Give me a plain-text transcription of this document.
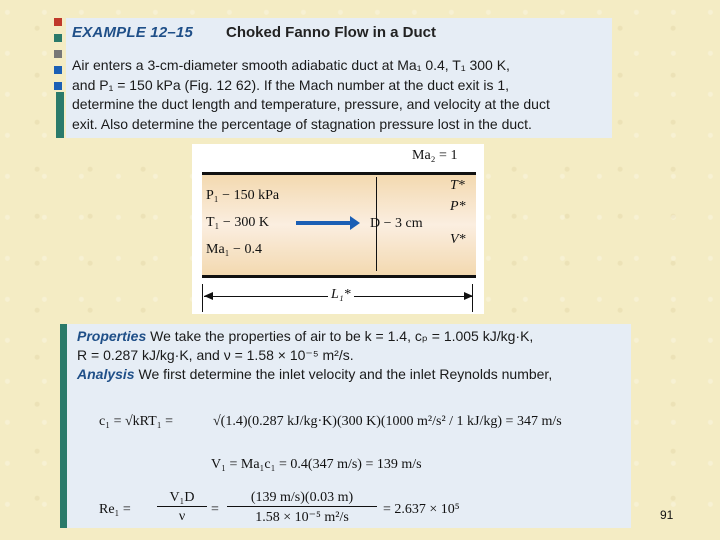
EXAMPLE 12–15 Choked Fanno Flow in a Duct

Air enters a 3-cm-diameter smooth adiabatic duct at Ma₁ 0.4, T₁ 300 K,

and P₁ = 150 kPa (Fig. 12 62). If the Mach number at the duct exit is 1,

determine the duct length and temperature, pressure, and velocity at the duct

exit. Also determine the percentage of stagnation pressure lost in the duct.

Ma₂ = 1
P₁ − 150 kPa
T₁ − 300 K
Ma₁ − 0.4
D − 3 cm
T*
P*
V*
L₁*
Properties We take the properties of air to be k = 1.4, cₚ = 1.005 kJ/kg·K,
R = 0.287 kJ/kg·K, and ν = 1.58 × 10⁻⁵ m²/s.
Analysis We first determine the inlet velocity and the inlet Reynolds number,
c₁ = √kRT₁ =	√(1.4)(0.287 kJ/kg·K)(300 K)(1000 m²/s² / 1 kJ/kg) = 347 m/s
V₁ = Ma₁c₁ = 0.4(347 m/s) = 139 m/s
Re₁ =
V₁D
ν	=
(139 m/s)(0.03 m)
1.58 × 10⁻⁵ m²/s
= 2.637 × 10⁵	91
